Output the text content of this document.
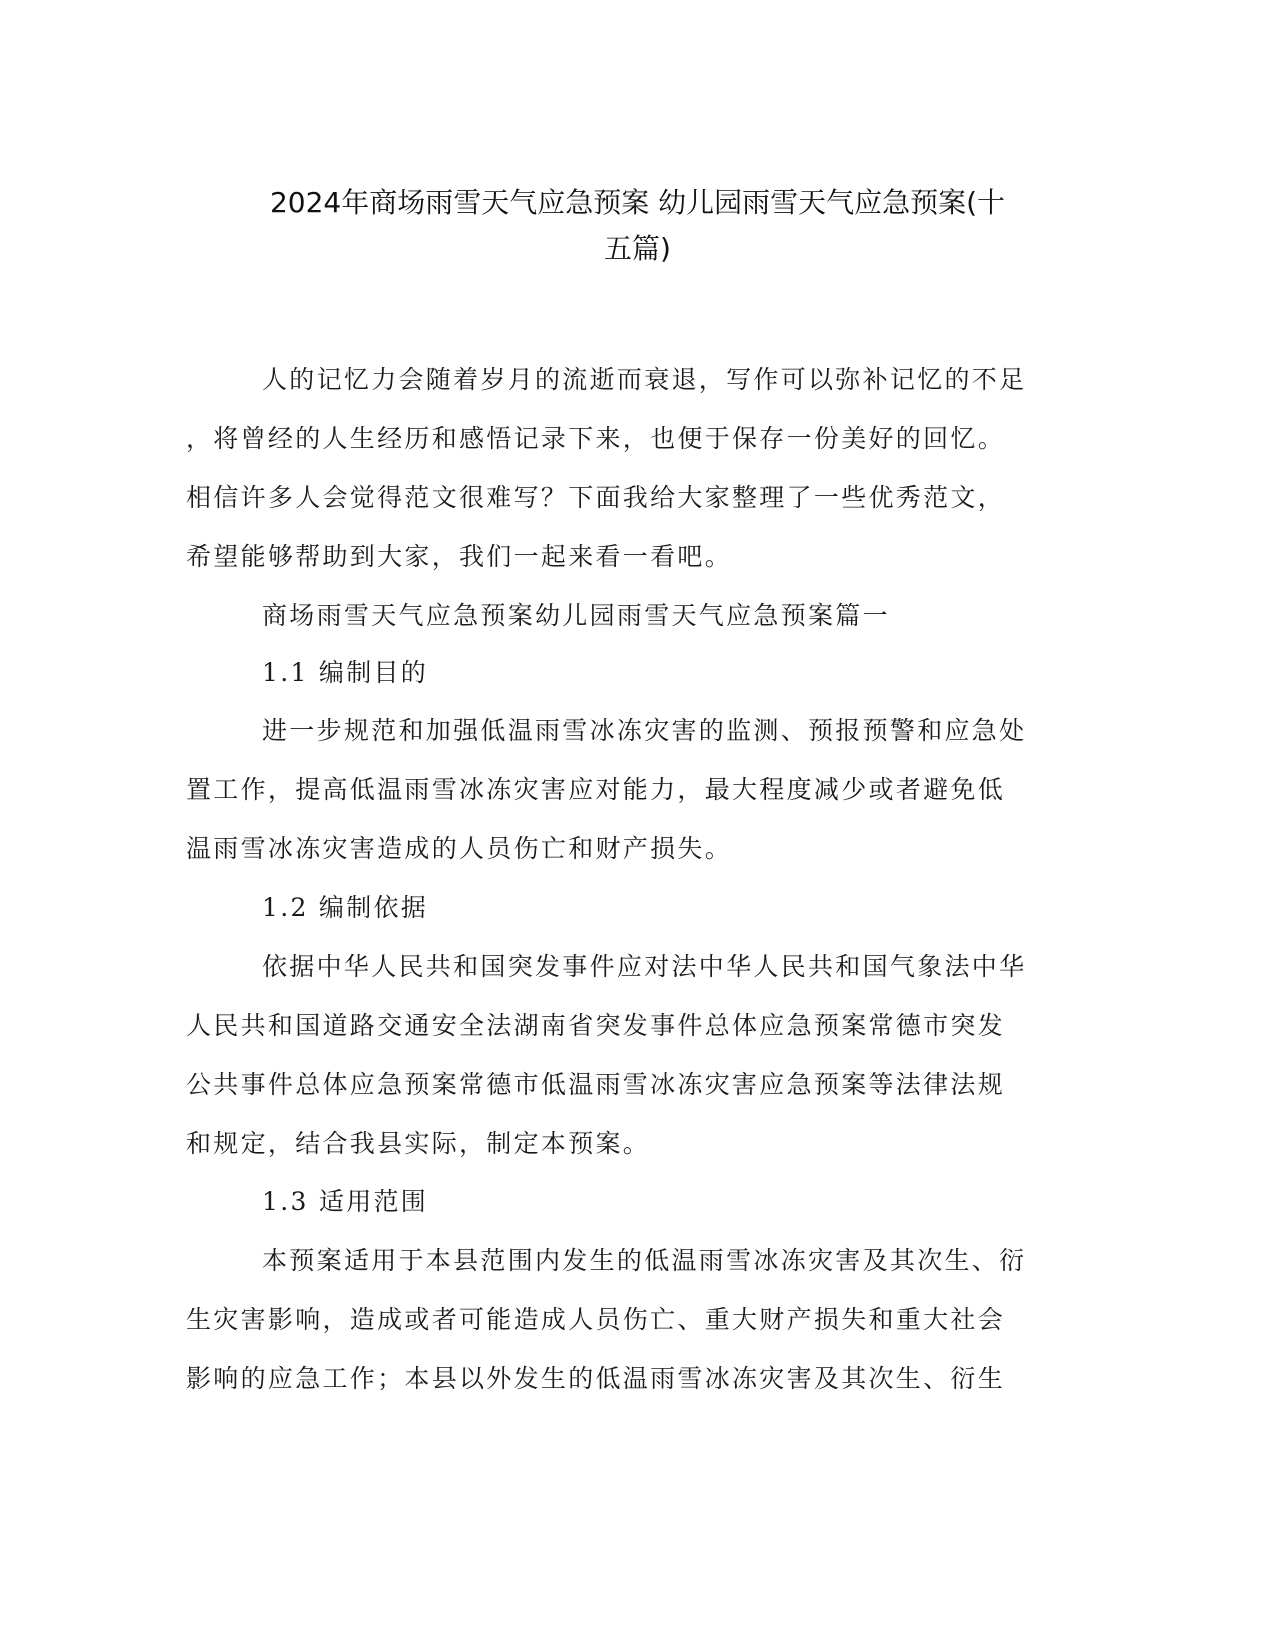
2024年商场雨雪天气应急预案 幼儿园雨雪天气应急预案(十
五篇)
人的记忆力会随着岁月的流逝而衰退，写作可以弥补记忆的不足
，将曾经的人生经历和感悟记录下来，也便于保存一份美好的回忆。
相信许多人会觉得范文很难写？下面我给大家整理了一些优秀范文，
希望能够帮助到大家，我们一起来看一看吧。
商场雨雪天气应急预案幼儿园雨雪天气应急预案篇一
1.1 编制目的
进一步规范和加强低温雨雪冰冻灾害的监测、预报预警和应急处
置工作，提高低温雨雪冰冻灾害应对能力，最大程度减少或者避免低
温雨雪冰冻灾害造成的人员伤亡和财产损失。
1.2 编制依据
依据中华人民共和国突发事件应对法中华人民共和国气象法中华
人民共和国道路交通安全法湖南省突发事件总体应急预案常德市突发
公共事件总体应急预案常德市低温雨雪冰冻灾害应急预案等法律法规
和规定，结合我县实际，制定本预案。
1.3 适用范围
本预案适用于本县范围内发生的低温雨雪冰冻灾害及其次生、衍
生灾害影响，造成或者可能造成人员伤亡、重大财产损失和重大社会
影响的应急工作；本县以外发生的低温雨雪冰冻灾害及其次生、衍生
